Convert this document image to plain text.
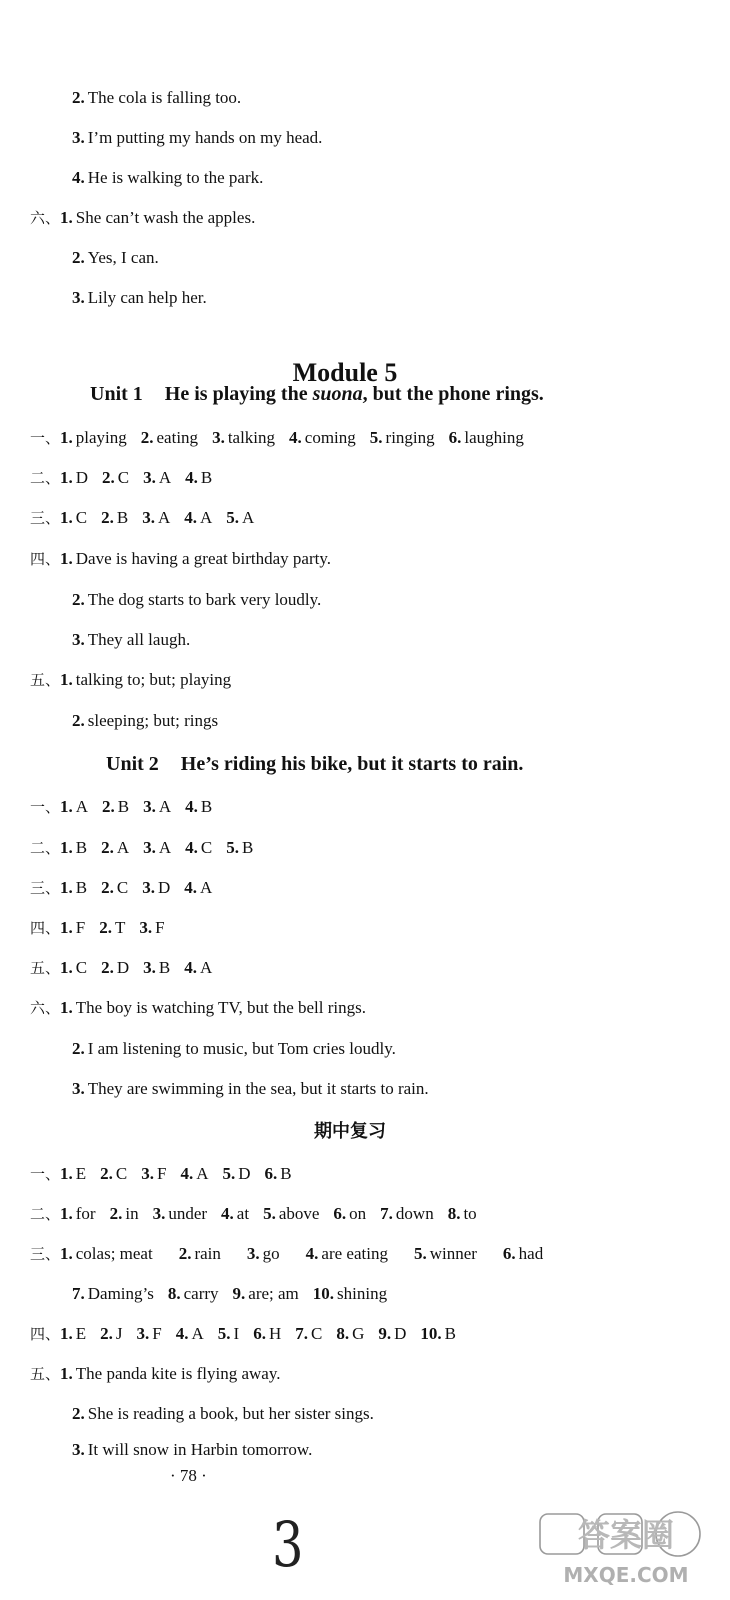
2. The cola is falling too.
3. I’m putting my hands on my head.
4. He is walking to the park.
六、1. She can’t wash the apples.
2. Yes, I can.
3. Lily can help her.
Module 5
Unit 1 He is playing the suona, but the phone rings.
一、1. playing 2. eating 3. talking 4. coming 5. ringing 6. laughing
二、1. D 2. C 3. A 4. B
三、1. C 2. B 3. A 4. A 5. A
四、1. Dave is having a great birthday party.
2. The dog starts to bark very loudly.
3. They all laugh.
五、1. talking to; but; playing
2. sleeping; but; rings
Unit 2 He’s riding his bike, but it starts to rain.
一、1. A 2. B 3. A 4. B
二、1. B 2. A 3. A 4. C 5. B
三、1. B 2. C 3. D 4. A
四、1. F 2. T 3. F
五、1. C 2. D 3. B 4. A
六、1. The boy is watching TV, but the bell rings.
2. I am listening to music, but Tom cries loudly.
3. They are swimming in the sea, but it starts to rain.
期中复习
一、1. E 2. C 3. F 4. A 5. D 6. B
二、1. for 2. in 3. under 4. at 5. above 6. on 7. down 8. to
三、1. colas; meat 2. rain 3. go 4. are eating 5. winner 6. had
7. Daming’s 8. carry 9. are; am 10. shining
四、1. E 2. J 3. F 4. A 5. I 6. H 7. C 8. G 9. D 10. B
五、1. The panda kite is flying away.
2. She is reading a book, but her sister sings.
3. It will snow in Harbin tomorrow.
· 78 ·
3	答案圈
MXQE.COM
